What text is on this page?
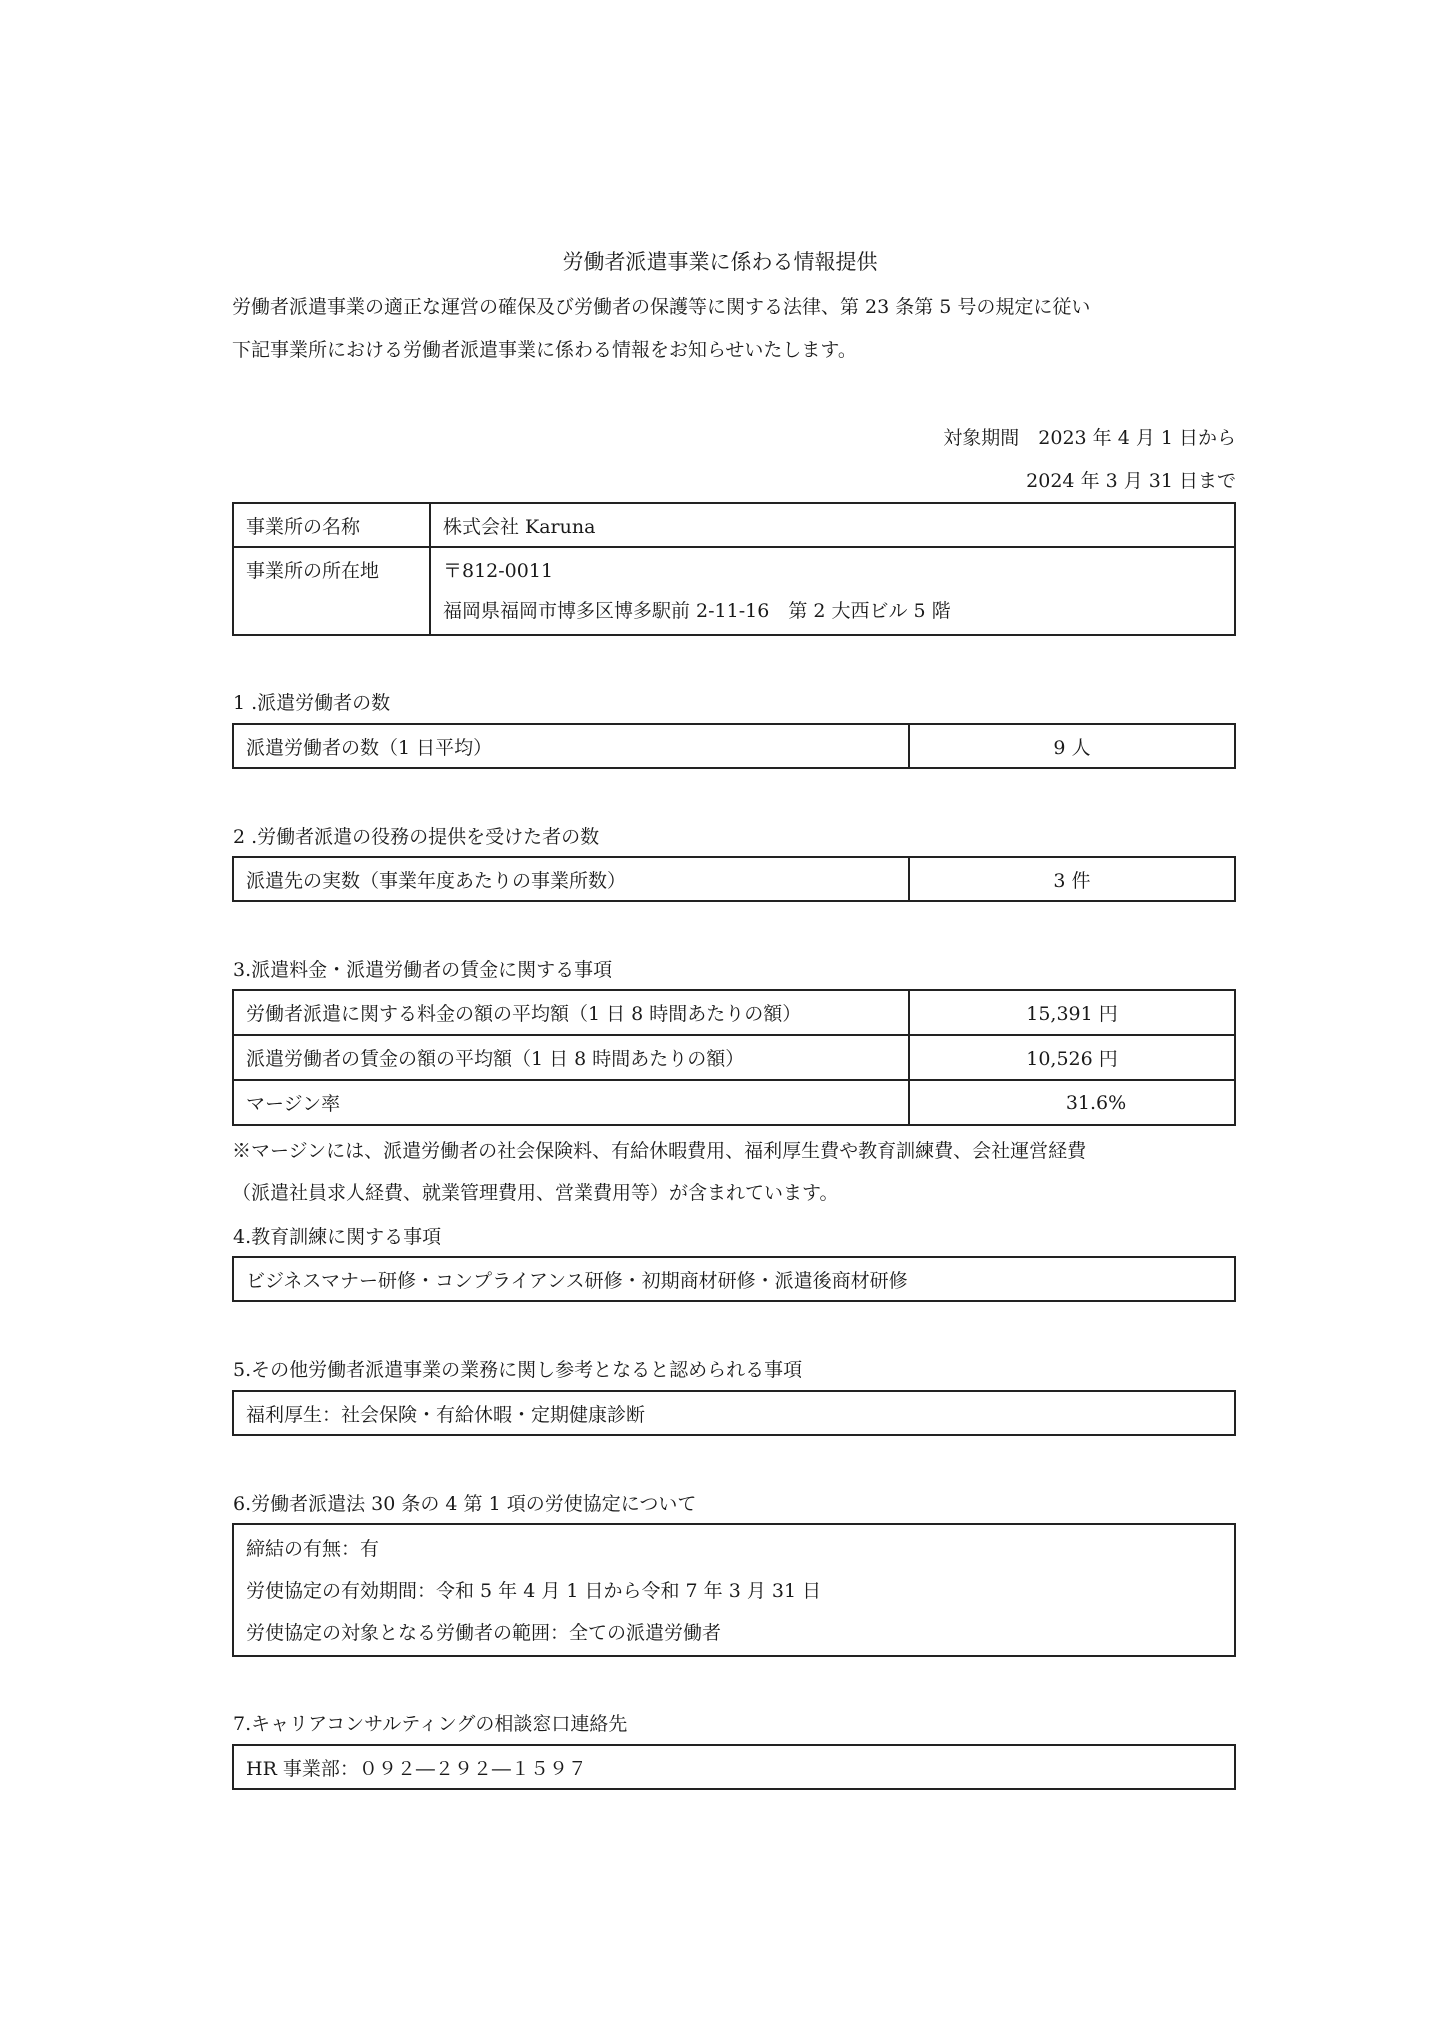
労働者派遣事業に係わる情報提供
労働者派遣事業の適正な運営の確保及び労働者の保護等に関する法律、第 23 条第 5 号の規定に従い
下記事業所における労働者派遣事業に係わる情報をお知らせいたします。
対象期間　2023 年 4 月 1 日から
2024 年 3 月 31 日まで
事業所の名称	株式会社 Karuna
事業所の所在地	〒812‐0011
福岡県福岡市博多区博多駅前 2-11-16　第 2 大西ビル 5 階
1 .派遣労働者の数
派遣労働者の数（1 日平均）	9 人
2 .労働者派遣の役務の提供を受けた者の数
派遣先の実数（事業年度あたりの事業所数）	3 件
3.派遣料金・派遣労働者の賃金に関する事項
労働者派遣に関する料金の額の平均額（1 日 8 時間あたりの額）	15,391 円
派遣労働者の賃金の額の平均額（1 日 8 時間あたりの額）	10,526 円
マージン率	31.6%
※マージンには、派遣労働者の社会保険料、有給休暇費用、福利厚生費や教育訓練費、会社運営経費
（派遣社員求人経費、就業管理費用、営業費用等）が含まれています。
4.教育訓練に関する事項
ビジネスマナー研修・コンプライアンス研修・初期商材研修・派遣後商材研修
5.その他労働者派遣事業の業務に関し参考となると認められる事項
福利厚生：社会保険・有給休暇・定期健康診断
6.労働者派遣法 30 条の 4 第 1 項の労使協定について
締結の有無：有
労使協定の有効期間：令和 5 年 4 月 1 日から令和 7 年 3 月 31 日
労使協定の対象となる労働者の範囲：全ての派遣労働者
7.キャリアコンサルティングの相談窓口連絡先
HR 事業部：０９２―２９２―１５９７
